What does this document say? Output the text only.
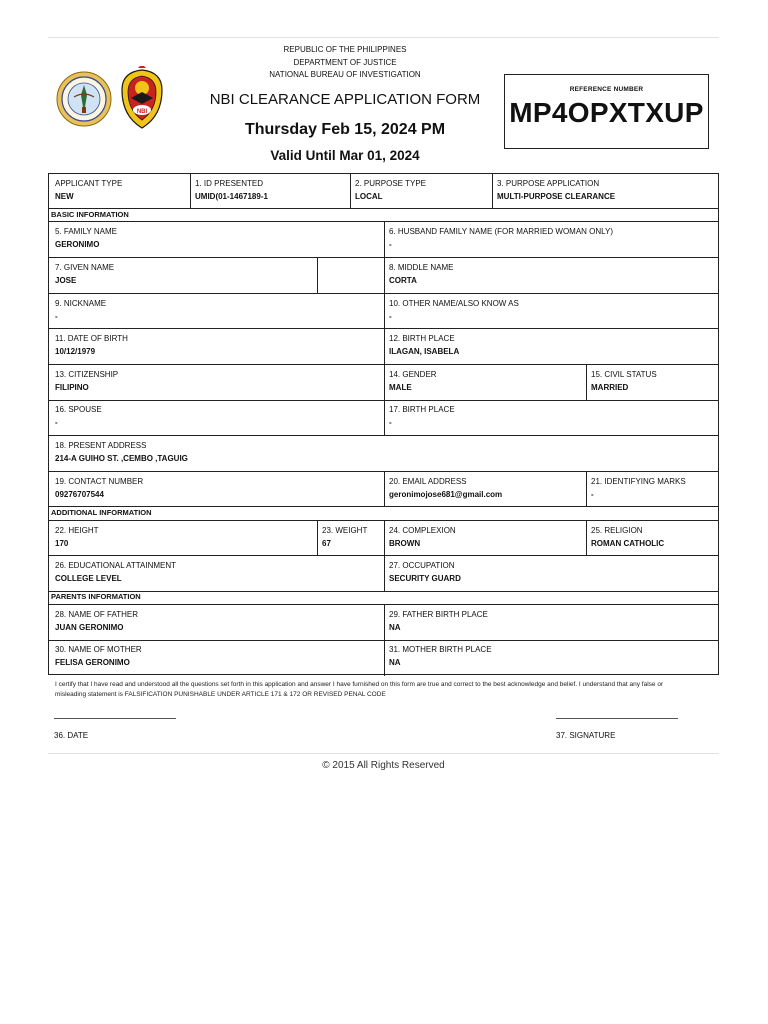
NBI
REPUBLIC OF THE PHILIPPINES
DEPARTMENT OF JUSTICE
NATIONAL BUREAU OF INVESTIGATION
NBI CLEARANCE APPLICATION FORM
Thursday Feb 15, 2024 PM
Valid Until Mar 01, 2024
REFERENCE NUMBER
MP4OPXTXUP
APPLICANT TYPE
NEW
1. ID PRESENTED
UMID(01-1467189-1
2. PURPOSE TYPE
LOCAL
3. PURPOSE APPLICATION
MULTI-PURPOSE CLEARANCE
BASIC INFORMATION
5. FAMILY NAME
GERONIMO
6. HUSBAND FAMILY NAME (FOR MARRIED WOMAN ONLY)
-
7. GIVEN NAME
JOSE
8. MIDDLE NAME
CORTA
9. NICKNAME
-
10. OTHER NAME/ALSO KNOW AS
-
11. DATE OF BIRTH
10/12/1979
12. BIRTH PLACE
ILAGAN, ISABELA
13. CITIZENSHIP
FILIPINO
14. GENDER
MALE
15. CIVIL STATUS
MARRIED
16. SPOUSE
-
17. BIRTH PLACE
-
18. PRESENT ADDRESS
214-A GUIHO ST. ,CEMBO ,TAGUIG
19. CONTACT NUMBER
09276707544
20. EMAIL ADDRESS
geronimojose681@gmail.com
21. IDENTIFYING MARKS
-
ADDITIONAL INFORMATION
22. HEIGHT
170
23. WEIGHT
67
24. COMPLEXION
BROWN
25. RELIGION
ROMAN CATHOLIC
26. EDUCATIONAL ATTAINMENT
COLLEGE LEVEL
27. OCCUPATION
SECURITY GUARD
PARENTS INFORMATION
28. NAME OF FATHER
JUAN GERONIMO
29. FATHER BIRTH PLACE
NA
30. NAME OF MOTHER
FELISA GERONIMO
31. MOTHER BIRTH PLACE
NA
I certify that I have read and understood all the questions set forth in this application and answer I have furnished on this form are true and correct to the best acknowledge and belief. I understand that any false or
misleading statement is FALSIFICATION PUNISHABLE UNDER ARTICLE 171 & 172 OR REVISED PENAL CODE
36. DATE	37. SIGNATURE
© 2015 All Rights Reserved
